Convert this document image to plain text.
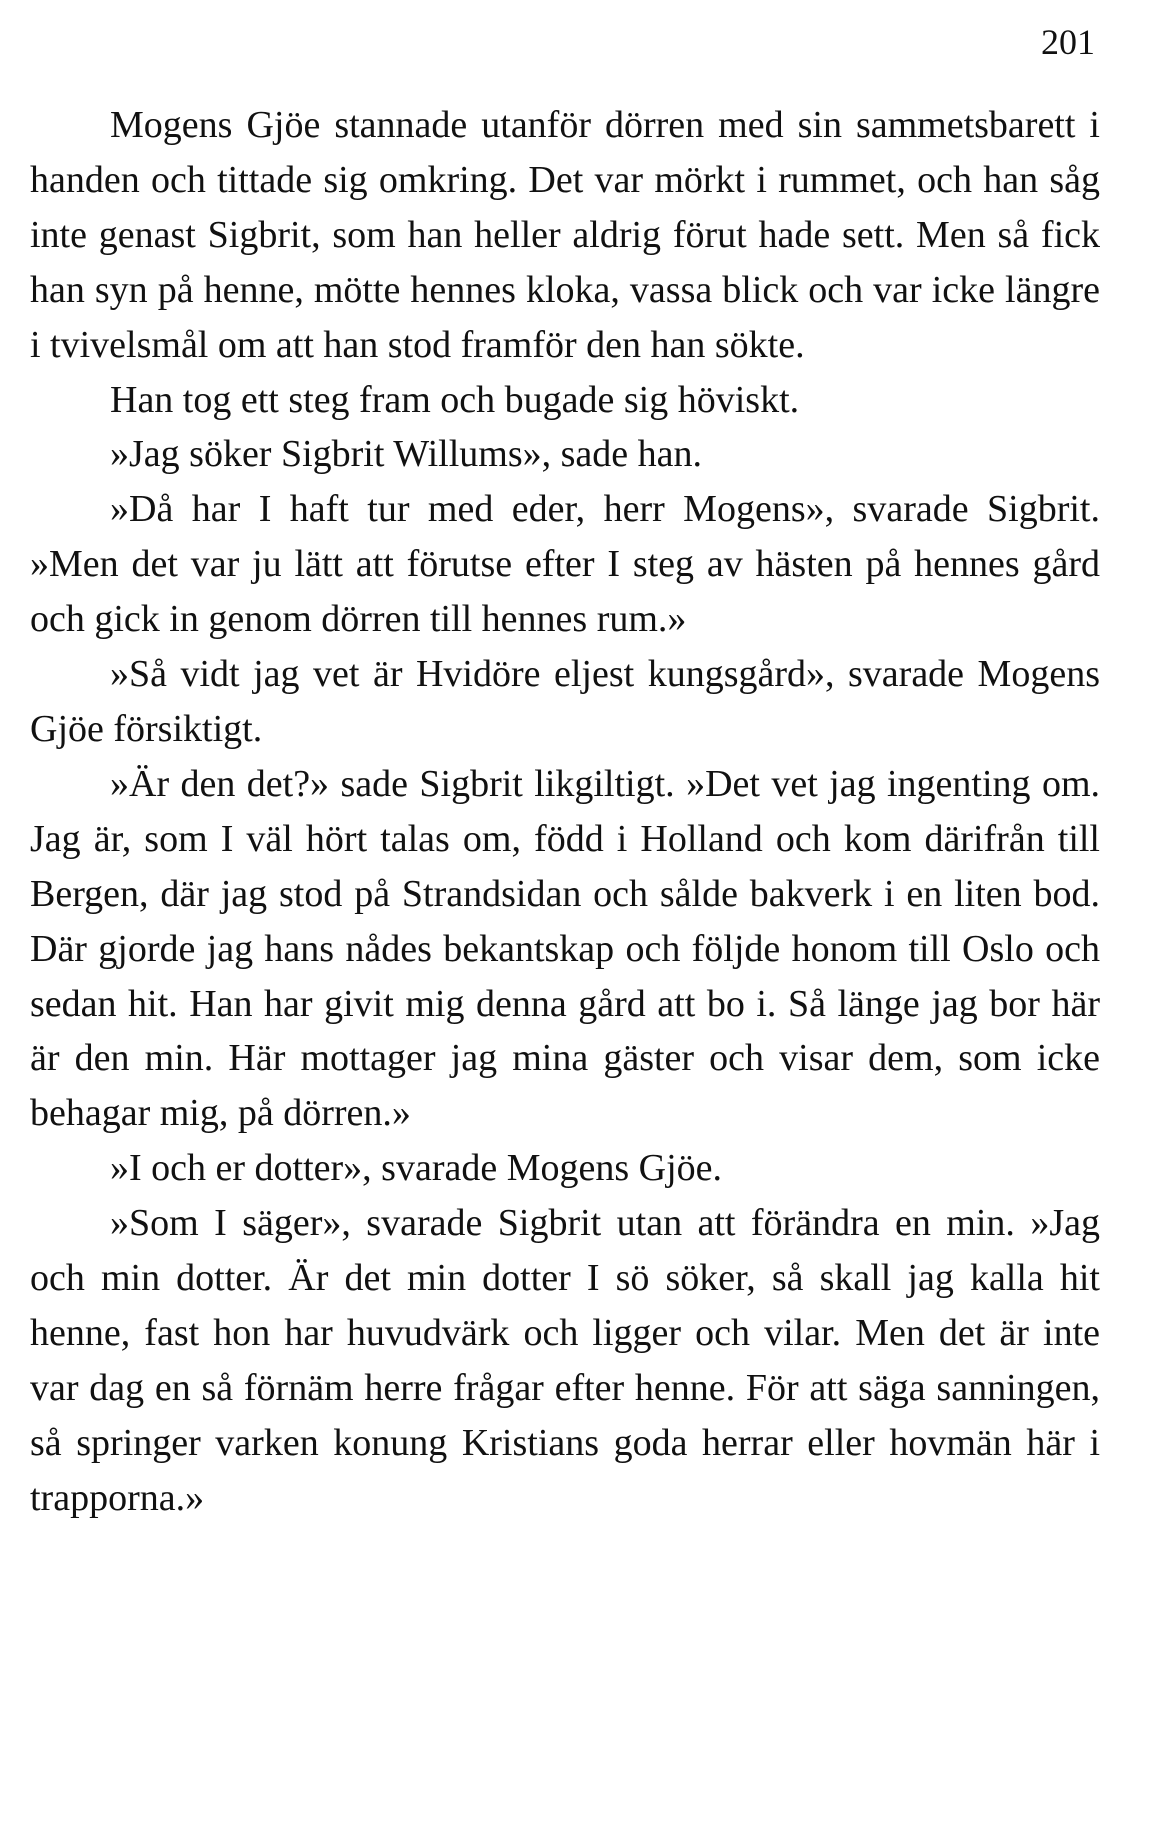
201

Mogens Gjöe stannade utanför dörren med sin sammetsbarett i handen och tittade sig omkring. Det var mörkt i rummet, och han såg inte genast Sigbrit, som han heller aldrig förut hade sett. Men så fick han syn på henne, mötte hennes kloka, vassa blick och var icke längre i tvivelsmål om att han stod framför den han sökte.

Han tog ett steg fram och bugade sig höviskt.

»Jag söker Sigbrit Willums», sade han.

»Då har I haft tur med eder, herr Mogens», svarade Sigbrit. »Men det var ju lätt att förutse efter I steg av hästen på hennes gård och gick in genom dörren till hennes rum.»

»Så vidt jag vet är Hvidöre eljest kungsgård», svarade Mogens Gjöe försiktigt.

»Är den det?» sade Sigbrit likgiltigt. »Det vet jag ingenting om. Jag är, som I väl hört talas om, född i Holland och kom därifrån till Bergen, där jag stod på Strandsidan och sålde bakverk i en liten bod. Där gjorde jag hans nådes bekantskap och följde honom till Oslo och sedan hit. Han har givit mig denna gård att bo i. Så länge jag bor här är den min. Här mottager jag mina gäster och visar dem, som icke behagar mig, på dörren.»

»I och er dotter», svarade Mogens Gjöe.

»Som I säger», svarade Sigbrit utan att förändra en min. »Jag och min dotter. Är det min dotter I sö söker, så skall jag kalla hit henne, fast hon har huvudvärk och ligger och vilar. Men det är inte var dag en så förnäm herre frågar efter henne. För att säga sanningen, så springer varken konung Kristians goda herrar eller hovmän här i trapporna.»
